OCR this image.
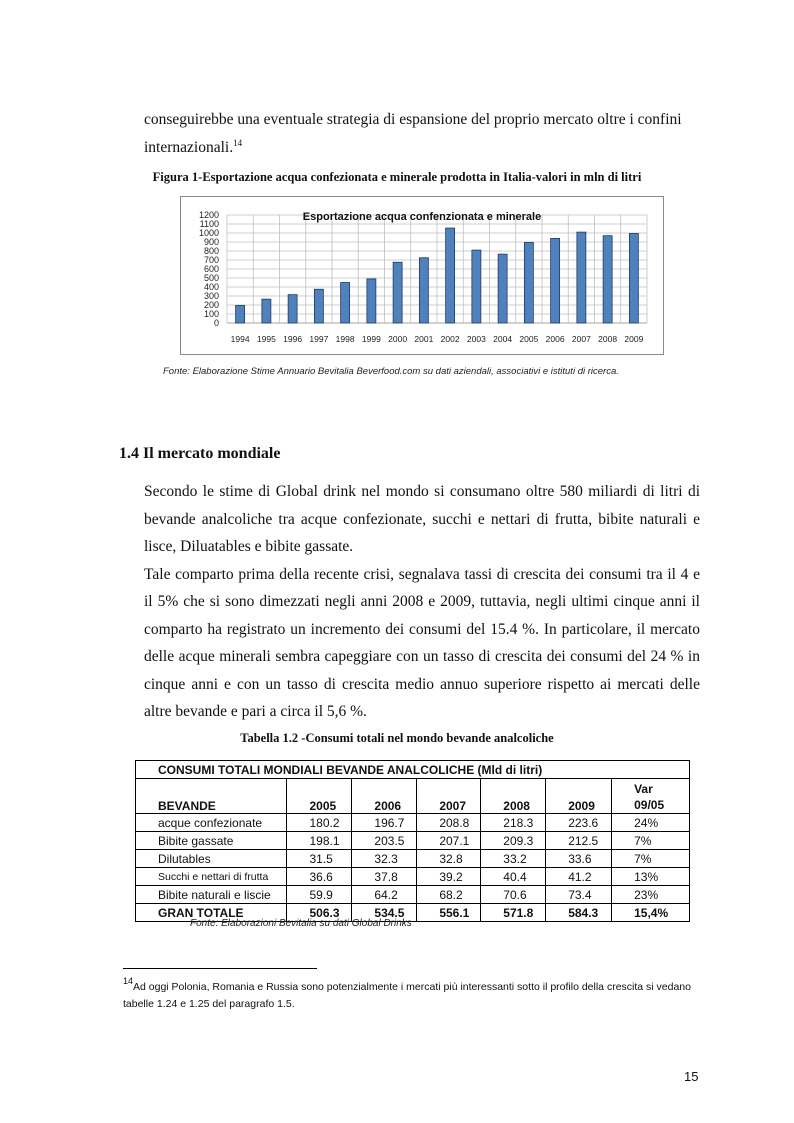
conseguirebbe una eventuale strategia di espansione del proprio mercato oltre i confini
internazionali.$^{14}$
Figura 1-Esportazione acqua confezionata e minerale prodotta in Italia-valori in mln di litri
0
100
200
300
400
500
600
700
800
900
1000
1100
1200
1994 1995 1996 1997 1998 1999 2000 2001 2002 2003 2004 2005 2006 2007 2008 2009
Esportazione acqua confenzionata e minerale
Fonte: Elaborazione Stime Annuario Bevitalia Beverfood.com su dati aziendali, associativi e istituti di ricerca.
1.4 Il mercato mondiale

Secondo le stime di Global drink nel mondo si consumano oltre 580 miliardi di litri di bevande analcoliche tra acque confezionate, succhi e nettari di frutta, bibite naturali e lisce, Diluatables e bibite gassate.

Tale comparto prima della recente crisi, segnalava tassi di crescita dei consumi tra il 4 e il 5% che si sono dimezzati negli anni 2008 e 2009, tuttavia, negli ultimi cinque anni il comparto ha registrato un incremento dei consumi del 15.4 %. In particolare, il mercato delle acque minerali sembra capeggiare con un tasso di crescita dei consumi del 24 % in cinque anni e con un tasso di crescita medio annuo superiore rispetto ai mercati delle altre bevande e pari a circa il 5,6 %.

Tabella 1.2 -Consumi totali nel mondo bevande analcoliche
CONSUMI TOTALI MONDIALI BEVANDE ANALCOLICHE (Mld di litri)						
BEVANDE	2005	2006	2007	2008	2009	Var
09/05
acque confezionate	180.2	196.7	208.8	218.3	223.6	24%
Bibite gassate	198.1	203.5	207.1	209.3	212.5	7%
Dilutables	31.5	32.3	32.8	33.2	33.6	7%
Succhi e nettari di frutta	36.6	37.8	39.2	40.4	41.2	13%
Bibite naturali e liscie	59.9	64.2	68.2	70.6	73.4	23%
GRAN TOTALE	506.3	534.5	556.1	571.8	584.3	15,4%
Fonte: Elaborazioni Bevitalia su dati Global Drinks
$^{14}$Ad oggi Polonia, Romania e Russia sono potenzialmente i mercati più interessanti sotto il profilo della crescita si vedano tabelle 1.24 e 1.25 del paragrafo 1.5.
15
